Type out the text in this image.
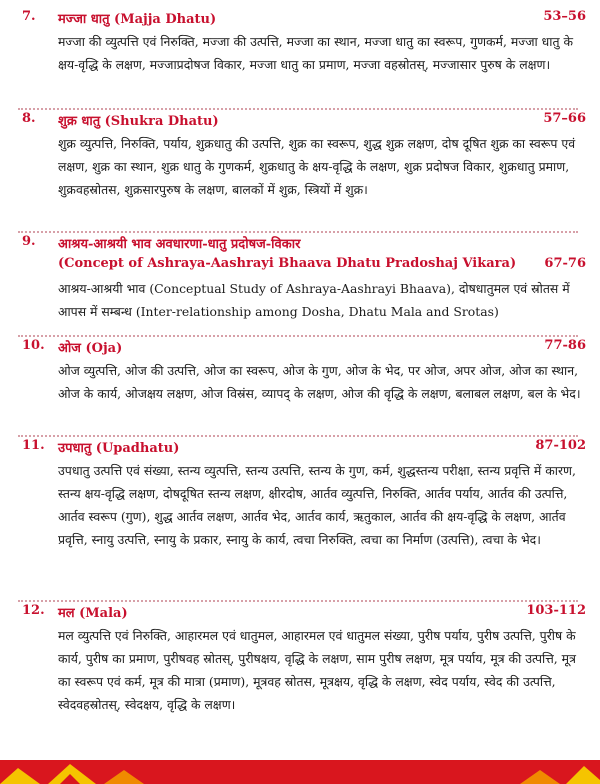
7. मज्जा धातु (Majja Dhatu)	53–56
मज्जा की व्युत्पत्ति एवं निरुक्ति, मज्जा की उत्पत्ति, मज्जा का स्थान, मज्जा धातु का स्वरूप, गुणकर्म, मज्जा धातु के क्षय-वृद्धि के लक्षण, मज्जाप्रदोषज विकार, मज्जा धातु का प्रमाण, मज्जा वहस्रोतस्, मज्जासार पुरुष के लक्षण।
8. शुक्र धातु (Shukra Dhatu)	57–66
शुक्र व्युत्पत्ति, निरुक्ति, पर्याय, शुक्रधातु की उत्पत्ति, शुक्र का स्वरूप, शुद्ध शुक्र लक्षण, दोष दूषित शुक्र का स्वरूप एवं लक्षण, शुक्र का स्थान, शुक्र धातु के गुणकर्म, शुक्रधातु के क्षय-वृद्धि के लक्षण, शुक्र प्रदोषज विकार, शुक्रधातु प्रमाण, शुक्रवहस्रोतस, शुक्रसारपुरुष के लक्षण, बालकों में शुक्र, स्त्रियों में शुक्र।
9. आश्रय-आश्रयी भाव अवधारणा-धातु प्रदोषज-विकार
(Concept of Ashraya-Aashrayi Bhaava Dhatu Pradoshaj Vikara) 67-76
आश्रय-आश्रयी भाव (Conceptual Study of Ashraya-Aashrayi Bhaava), दोषधातुमल एवं स्रोतस में आपस में सम्बन्ध (Inter-relationship among Dosha, Dhatu Mala and Srotas)
10. ओज (Oja)	77-86
ओज व्युत्पत्ति, ओज की उत्पत्ति, ओज का स्वरूप, ओज के गुण, ओज के भेद, पर ओज, अपर ओज, ओज का स्थान, ओज के कार्य, ओजक्षय लक्षण, ओज विस्रंस, व्यापद् के लक्षण, ओज की वृद्धि के लक्षण, बलाबल लक्षण, बल के भेद।
11. उपधातु (Upadhatu)	87-102
उपधातु उत्पत्ति एवं संख्या, स्तन्य व्युत्पत्ति, स्तन्य उत्पत्ति, स्तन्य के गुण, कर्म, शुद्धस्तन्य परीक्षा, स्तन्य प्रवृत्ति में कारण, स्तन्य क्षय-वृद्धि लक्षण, दोषदूषित स्तन्य लक्षण, क्षीरदोष, आर्तव व्युत्पत्ति, निरुक्ति, आर्तव पर्याय, आर्तव की उत्पत्ति, आर्तव स्वरूप (गुण), शुद्ध आर्तव लक्षण, आर्तव भेद, आर्तव कार्य, ऋतुकाल, आर्तव की क्षय-वृद्धि के लक्षण, आर्तव प्रवृत्ति, स्नायु उत्पत्ति, स्नायु के प्रकार, स्नायु के कार्य, त्वचा निरुक्ति, त्वचा का निर्माण (उत्पत्ति), त्वचा के भेद।
12. मल (Mala)	103-112
मल व्युत्पत्ति एवं निरुक्ति, आहारमल एवं धातुमल, आहारमल एवं धातुमल संख्या, पुरीष पर्याय, पुरीष उत्पत्ति, पुरीष के कार्य, पुरीष का प्रमाण, पुरीषवह स्रोतस्, पुरीषक्षय, वृद्धि के लक्षण, साम पुरीष लक्षण, मूत्र पर्याय, मूत्र की उत्पत्ति, मूत्र का स्वरूप एवं कर्म, मूत्र की मात्रा (प्रमाण), मूत्रवह स्रोतस, मूत्रक्षय, वृद्धि के लक्षण, स्वेद पर्याय, स्वेद की उत्पत्ति, स्वेदवहस्रोतस्, स्वेदक्षय, वृद्धि के लक्षण।
